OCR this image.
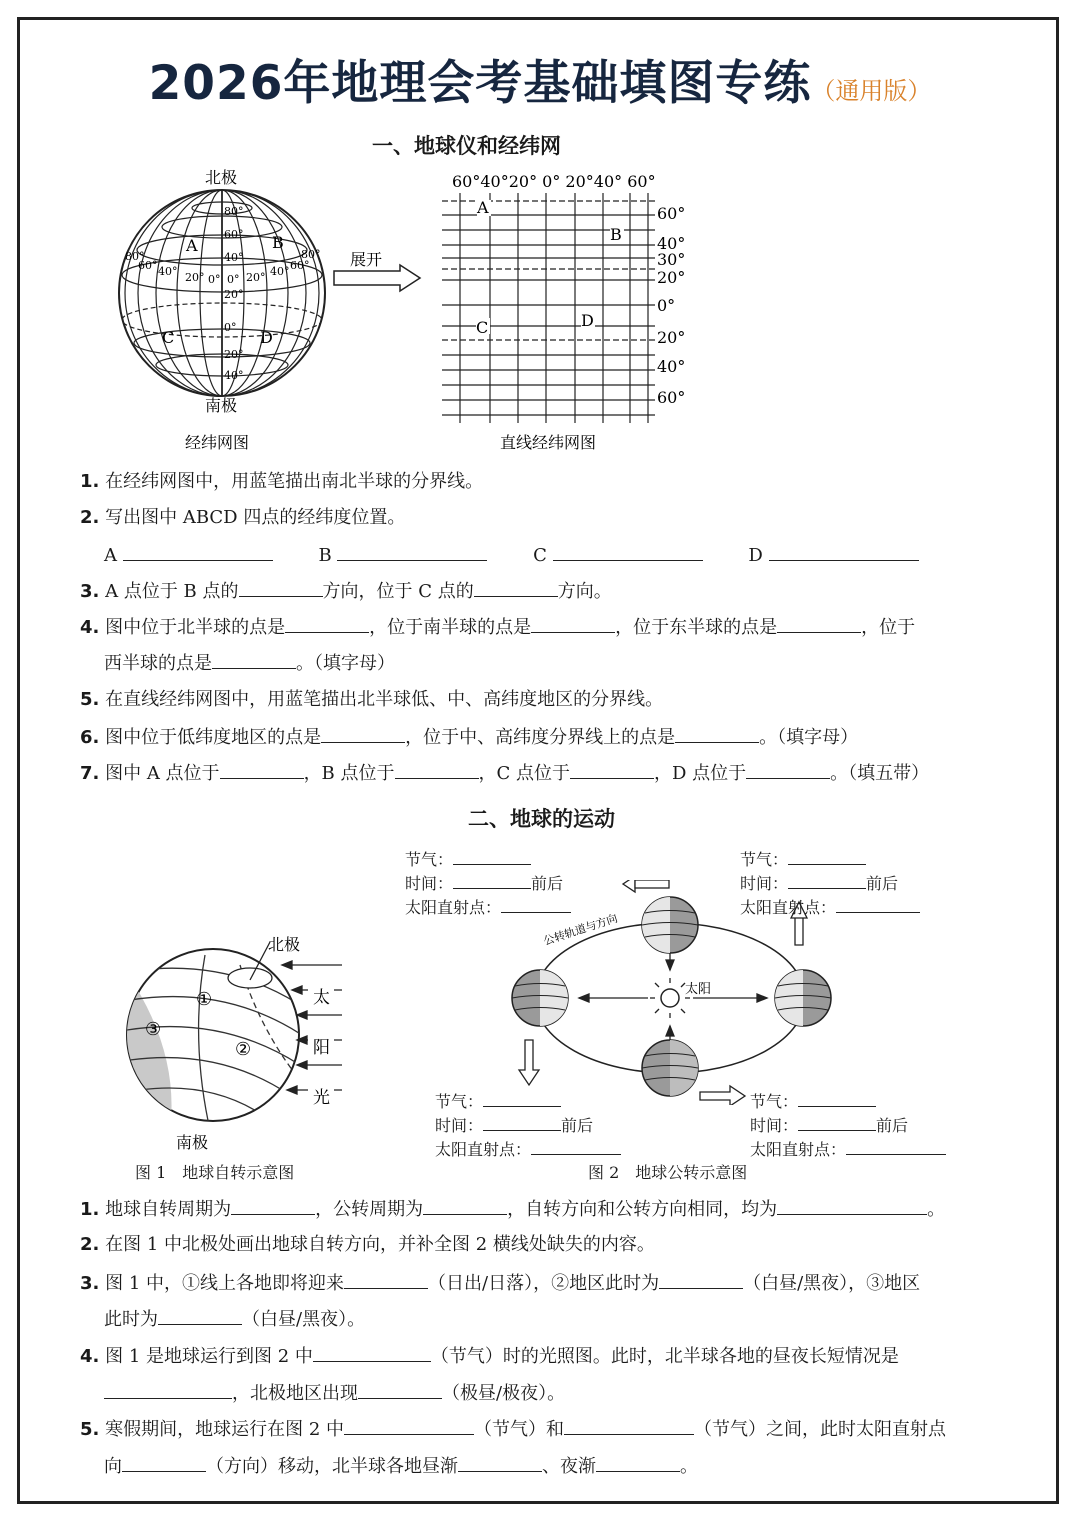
2026年地理会考基础填图专练（通用版）
一、地球仪和经纬网
北极
80°
60°
40°
20°
0°
20°
40°
80°
60° 40° 20° 0° 0° 20° 40° 60°
80°
A	B
C	D
南极
经纬网图
展开
60°40°20° 0° 20°40° 60°
60°
40°
30°
20°
0°
20°
40°
60°
A
B
C	D
直线经纬网图
1. 在经纬网图中，用蓝笔描出南北半球的分界线。
2. 写出图中 ABCD 四点的经纬度位置。
A	B	C	D
3. A 点位于 B 点的	方向，位于 C 点的	方向。
4. 图中位于北半球的点是	，位于南半球的点是	，位于东半球的点是	，位于
西半球的点是	。（填字母）
5. 在直线经纬网图中，用蓝笔描出北半球低、中、高纬度地区的分界线。
6. 图中位于低纬度地区的点是	，位于中、高纬度分界线上的点是	。（填字母）
7. 图中 A 点位于	，B 点位于	，C 点位于	，D 点位于	。（填五带）
二、地球的运动
北极
南极
①
②
③
太
阳
光
图 1　地球自转示意图
公转轨道与方向
太阳
节气：
时间：	前后
太阳直射点：
节气：
时间：	前后
太阳直射点：
节气：
时间：	前后
太阳直射点：
节气：
时间：	前后
太阳直射点：
图 2　地球公转示意图
1. 地球自转周期为	，公转周期为	，自转方向和公转方向相同，均为	。
2. 在图 1 中北极处画出地球自转方向，并补全图 2 横线处缺失的内容。
3. 图 1 中，①线上各地即将迎来	（日出/日落），②地区此时为	（白昼/黑夜），③地区
此时为	（白昼/黑夜）。
4. 图 1 是地球运行到图 2 中	（节气）时的光照图。此时，北半球各地的昼夜长短情况是
，北极地区出现	（极昼/极夜）。
5. 寒假期间，地球运行在图 2 中	（节气）和	（节气）之间，此时太阳直射点
向	（方向）移动，北半球各地昼渐	、夜渐	。
